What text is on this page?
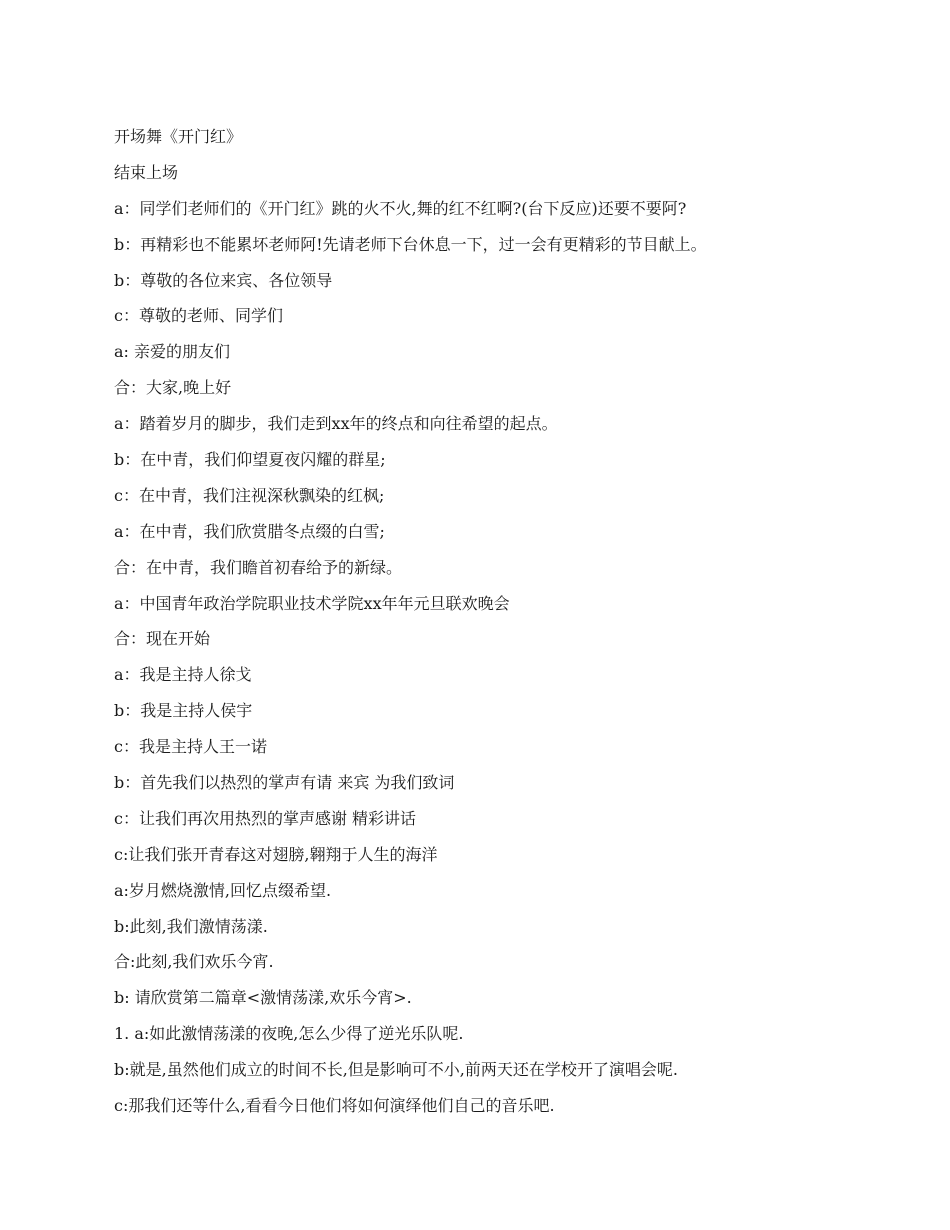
开场舞《开门红》
结束上场
a：同学们老师们的《开门红》跳的火不火,舞的红不红啊?(台下反应)还要不要阿?
b：再精彩也不能累坏老师阿!先请老师下台休息一下，过一会有更精彩的节目献上。
b：尊敬的各位来宾、各位领导
c：尊敬的老师、同学们
a: 亲爱的朋友们
合：大家,晚上好
a：踏着岁月的脚步，我们走到xx年的终点和向往希望的起点。
b：在中青，我们仰望夏夜闪耀的群星;
c：在中青，我们注视深秋飘染的红枫;
a：在中青，我们欣赏腊冬点缀的白雪;
合：在中青，我们瞻首初春给予的新绿。
a：中国青年政治学院职业技术学院xx年年元旦联欢晚会
合：现在开始
a：我是主持人徐戈
b：我是主持人侯宇
c：我是主持人王一诺
b：首先我们以热烈的掌声有请 来宾 为我们致词
c：让我们再次用热烈的掌声感谢 精彩讲话
c:让我们张开青春这对翅膀,翱翔于人生的海洋
a:岁月燃烧激情,回忆点缀希望.
b:此刻,我们激情荡漾.
合:此刻,我们欢乐今宵.
b: 请欣赏第二篇章<激情荡漾,欢乐今宵>.
1. a:如此激情荡漾的夜晚,怎么少得了逆光乐队呢.
b:就是,虽然他们成立的时间不长,但是影响可不小,前两天还在学校开了演唱会呢.
c:那我们还等什么,看看今日他们将如何演绎他们自己的音乐吧.
